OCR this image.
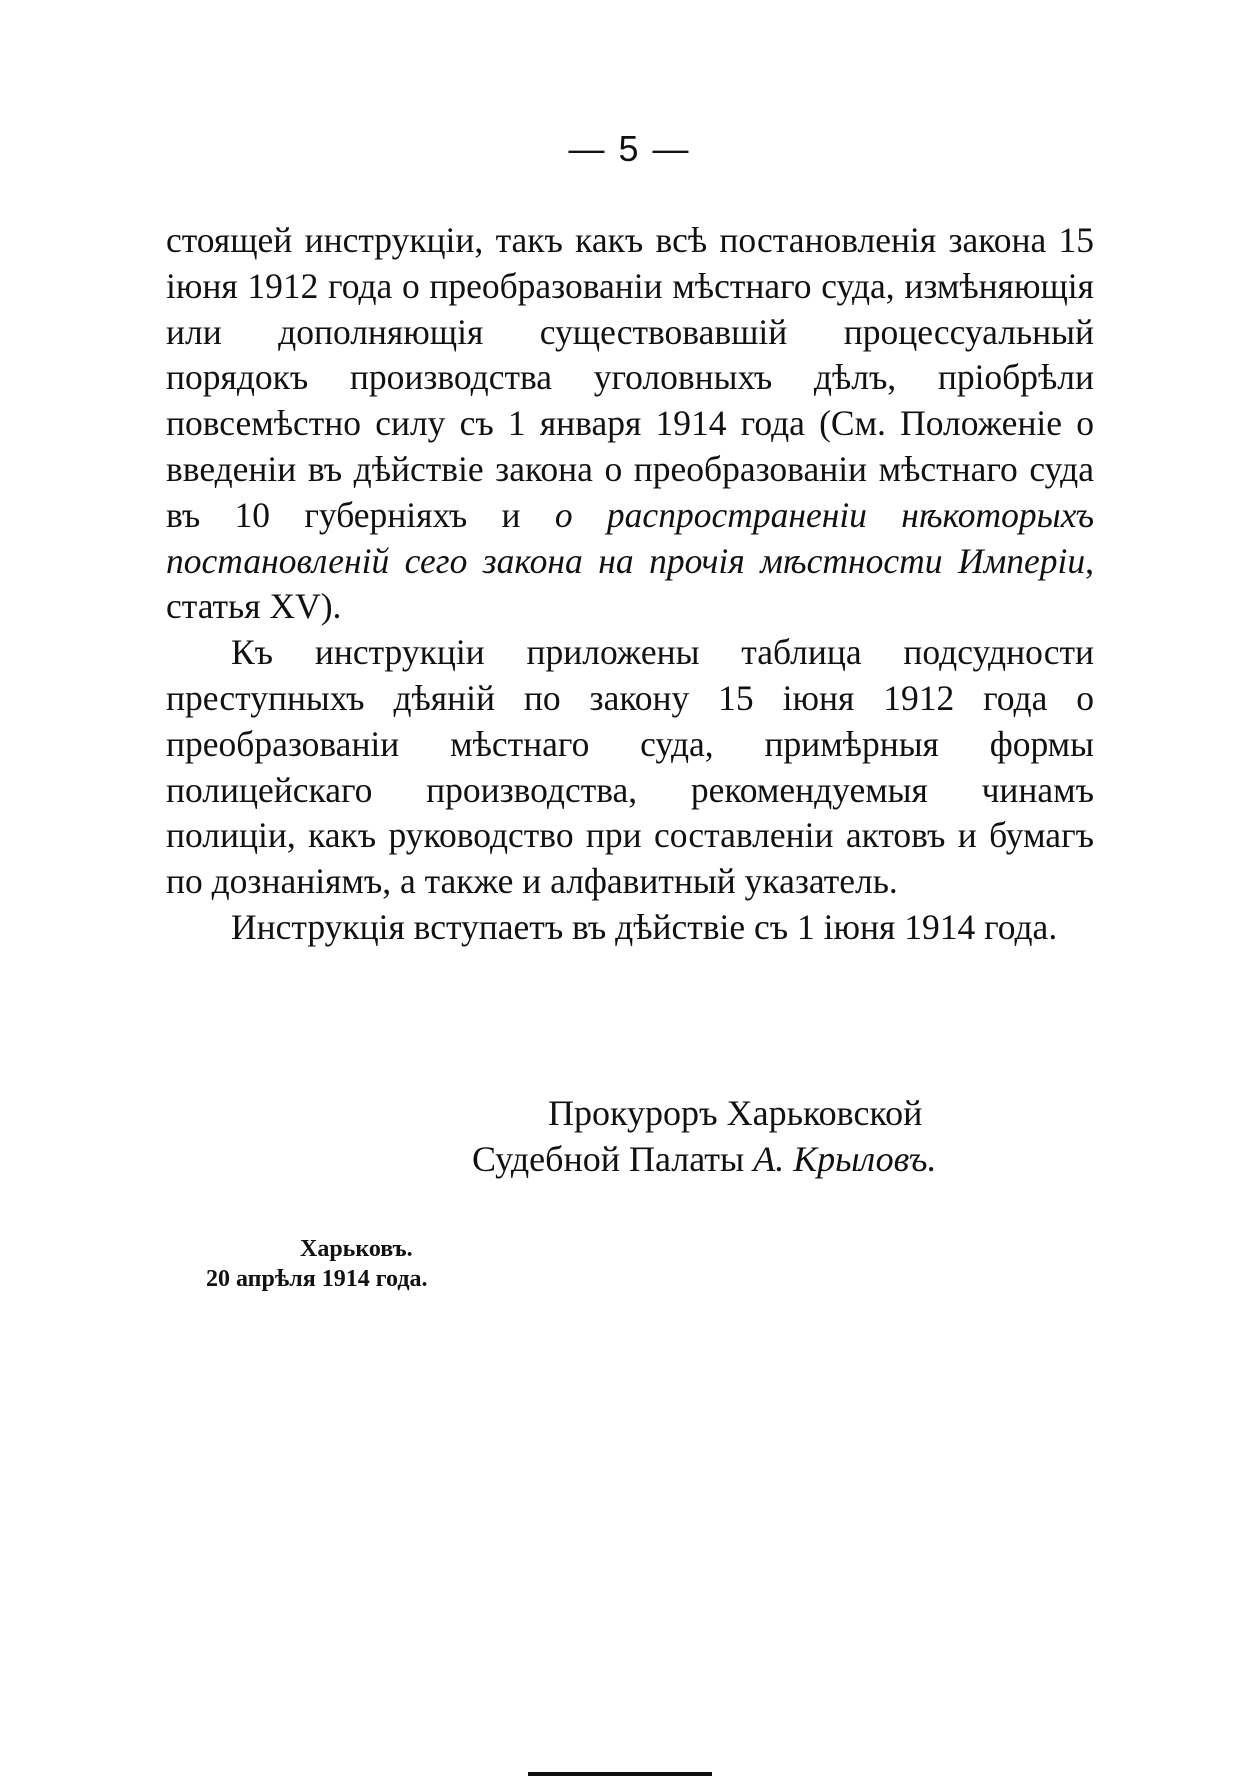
— 5 —

стоящей инструкціи, такъ какъ всѣ постановленія закона 15 іюня 1912 года о преобразованіи мѣстнаго суда, измѣняющія или дополняющія существовавшій процессуальный порядокъ производства уголовныхъ дѣлъ, пріобрѣли повсемѣстно силу съ 1 января 1914 года (См. Положеніе о введеніи въ дѣйствіе закона о преобразованіи мѣстнаго суда въ 10 губерніяхъ и о распространеніи нѣкоторыхъ постановленій сего закона на прочія мѣстности Имперіи, статья XV).

Къ инструкціи приложены таблица подсудности преступныхъ дѣяній по закону 15 іюня 1912 года о преобразованіи мѣстнаго суда, примѣрныя формы полицейскаго производства, рекомендуемыя чинамъ полиціи, какъ руководство при составленіи актовъ и бумагъ по дознаніямъ, а также и алфавитный указатель.

Инструкція вступаетъ въ дѣйствіе съ 1 іюня 1914 года.

Прокуроръ Харьковской
Судебной Палаты А. Крыловъ.
Харьковъ.
20 апрѣля 1914 года.
